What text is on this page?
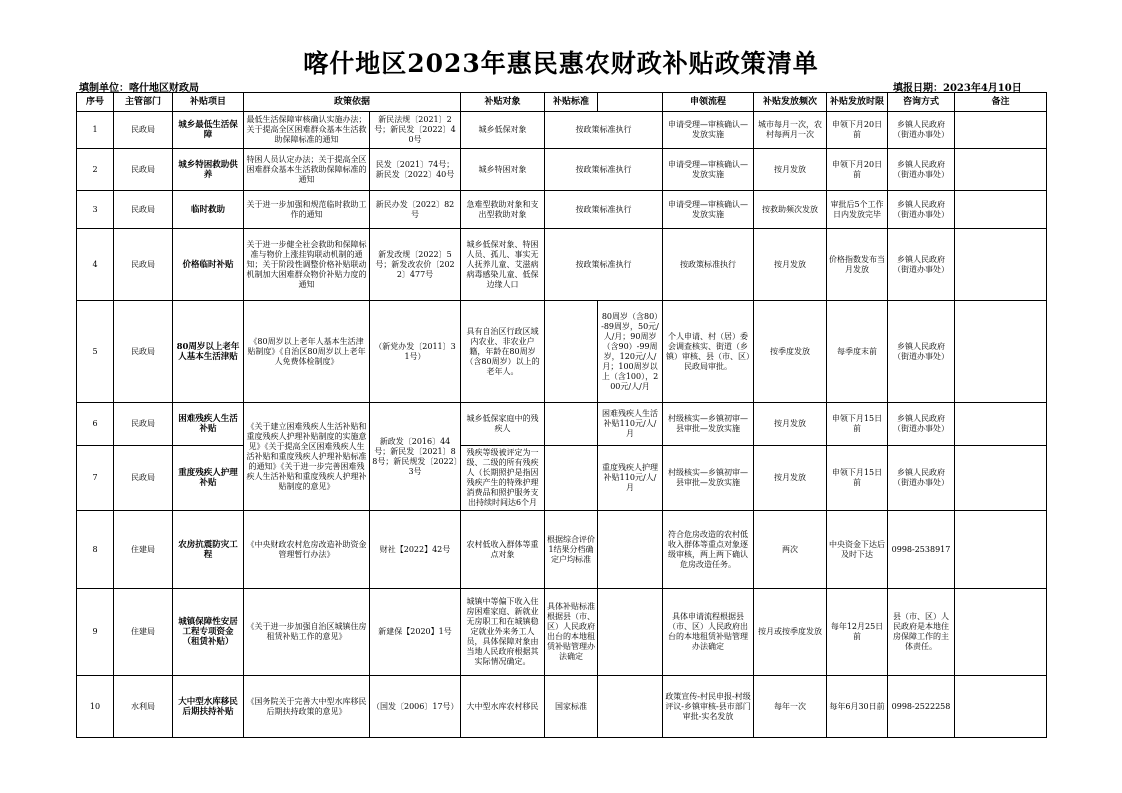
喀什地区2023年惠民惠农财政补贴政策清单
填制单位：喀什地区财政局	填报日期：2023年4月10日
序号	主管部门	补贴项目	政策依据		补贴对象	补贴标准		申领流程	补贴发放频次	补贴发放时限	咨询方式	备注
1	民政局	城乡最低生活保障	最低生活保障审核确认实施办法；关于提高全区困难群众基本生活救助保障标准的通知	新民法规〔2021〕2号；新民发〔2022〕40号	城乡低保对象	按政策标准执行		申请受理—审核确认—发放实施	城市每月一次，农村每两月一次	申领下月20日前	乡镇人民政府（街道办事处）	
2	民政局	城乡特困救助供养	特困人员认定办法；关于提高全区困难群众基本生活救助保障标准的通知	民发〔2021〕74号；新民发〔2022〕40号	城乡特困对象	按政策标准执行		申请受理—审核确认—发放实施	按月发放	申领下月20日前	乡镇人民政府（街道办事处）	
3	民政局	临时救助	关于进一步加强和规范临时救助工作的通知	新民办发〔2022〕82号	急难型救助对象和支出型救助对象	按政策标准执行		申请受理—审核确认—发放实施	按救助频次发放	审批后5个工作日内发放完毕	乡镇人民政府（街道办事处）	
4	民政局	价格临时补贴	关于进一步健全社会救助和保障标准与物价上涨挂钩联动机制的通知；关于阶段性调整价格补贴联动机制加大困难群众物价补贴力度的通知	新发改规〔2022〕5号；新发改农价〔2022〕477号	城乡低保对象、特困人员、孤儿、事实无人抚养儿童、艾滋病病毒感染儿童、低保边缘人口	按政策标准执行		按政策标准执行	按月发放	价格指数发布当月发放	乡镇人民政府（街道办事处）	
5	民政局	80周岁以上老年人基本生活津贴	《80周岁以上老年人基本生活津贴制度》《自治区80周岁以上老年人免费体检制度》	（新党办发〔2011〕31号）	具有自治区行政区域内农业、非农业户籍，年龄在80周岁（含80周岁）以上的老年人。		80周岁（含80）-89周岁，50元/人/月；90周岁（含90）-99周岁，120元/人/月；100周岁以上（含100），200元/人/月	个人申请、村（居）委会调查核实、街道（乡镇）审核、县（市、区）民政局审批。	按季度发放	每季度末前	乡镇人民政府（街道办事处）	
6	民政局	困难残疾人生活补贴	《关于建立困难残疾人生活补贴和重度残疾人护理补贴制度的实施意见》《关于提高全区困难残疾人生活补贴和重度残疾人护理补贴标准的通知》《关于进一步完善困难残疾人生活补贴和重度残疾人护理补贴制度的意见》	新政发〔2016〕44号；新民发〔2021〕88号；新民规发〔2022〕3号	城乡低保家庭中的残疾人		困难残疾人生活补贴110元/人/月	村级核实—乡镇初审—县审批—发放实施	按月发放	申领下月15日前	乡镇人民政府（街道办事处）	
7	民政局	重度残疾人护理补贴			残疾等级被评定为一级、二级的所有残疾人（长期照护是指因残疾产生的特殊护理消费品和照护服务支出持续时间达6个月		重度残疾人护理补贴110元/人/月	村级核实—乡镇初审—县审批—发放实施	按月发放	申领下月15日前	乡镇人民政府（街道办事处）	
8	住建局	农房抗震防灾工程	《中央财政农村危房改造补助资金管理暂行办法》	财社【2022】42号	农村低收入群体等重点对象	根据综合评价1结果分档确定户均标准		符合危房改造的农村低收入群体等重点对象逐级审核，两上两下确认危房改造任务。	两次	中央资金下达后及时下达	0998-2538917	
9	住建局	城镇保障性安居工程专项资金（租赁补贴）	《关于进一步加强自治区城镇住房租赁补贴工作的意见》	新建保【2020】1号	城镇中等偏下收入住房困难家庭、新就业无房职工和在城镇稳定就业外来务工人员，具体保障对象由当地人民政府根据其实际情况确定。	具体补贴标准根据县（市、区）人民政府出台的本地租赁补贴管理办法确定		具体申请流程根据县（市、区）人民政府出台的本地租赁补贴管理办法确定	按月或按季度发放	每年12月25日前	县（市、区）人民政府是本地住房保障工作的主体责任。	
10	水利局	大中型水库移民后期扶持补贴	《国务院关于完善大中型水库移民后期扶持政策的意见》	（国发〔2006〕17号）	大中型水库农村移民	国家标准		政策宣传-村民申报-村级评议-乡镇审核-县市部门审批-实名发放	每年一次	每年6月30日前	0998-2522258	
